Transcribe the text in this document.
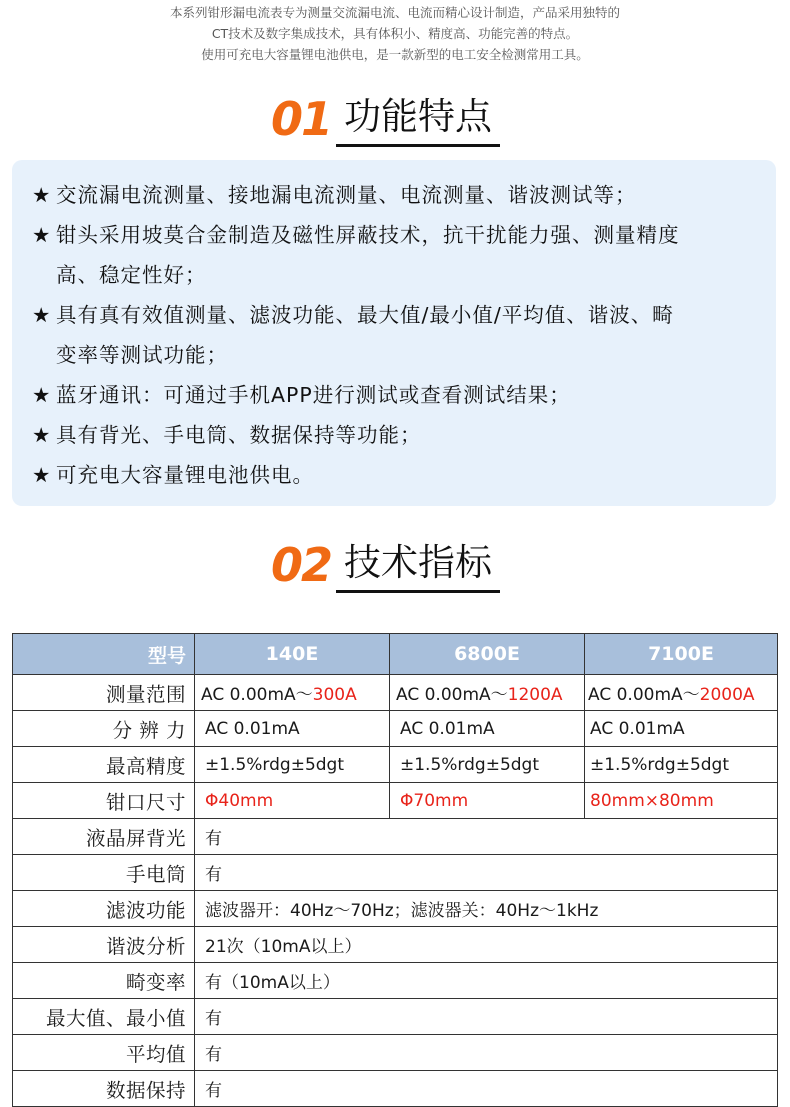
本系列钳形漏电流表专为测量交流漏电流、电流而精心设计制造，产品采用独特的
CT技术及数字集成技术，具有体积小、精度高、功能完善的特点。
使用可充电大容量锂电池供电，是一款新型的电工安全检测常用工具。
01 功能特点
★ 交流漏电流测量、接地漏电流测量、电流测量、谐波测试等；
★ 钳头采用坡莫合金制造及磁性屏蔽技术，抗干扰能力强、测量精度
高、稳定性好；
★ 具有真有效值测量、滤波功能、最大值/最小值/平均值、谐波、畸
变率等测试功能；
★ 蓝牙通讯：可通过手机APP进行测试或查看测试结果；
★ 具有背光、手电筒、数据保持等功能；
★ 可充电大容量锂电池供电。
02 技术指标
型号	140E	6800E	7100E
测量范围	AC 0.00mA～300A	AC 0.00mA～1200A	AC 0.00mA～2000A
分 辨 力	AC 0.01mA	AC 0.01mA	AC 0.01mA
最高精度	±1.5%rdg±5dgt	±1.5%rdg±5dgt	±1.5%rdg±5dgt
钳口尺寸	Φ40mm	Φ70mm	80mm×80mm
液晶屏背光	有		
手电筒	有		
滤波功能	滤波器开：40Hz～70Hz；滤波器关：40Hz～1kHz		
谐波分析	21次（10mA以上）		
畸变率	有（10mA以上）		
最大值、最小值	有		
平均值	有		
数据保持	有		
